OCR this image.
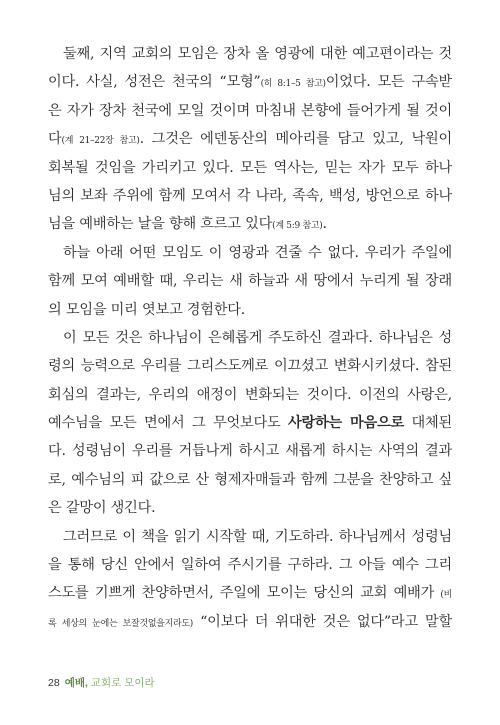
둘째, 지역 교회의 모임은 장차 올 영광에 대한 예고편이라는 것
이다. 사실, 성전은 천국의 “모형”(히 8:1–5 참고)이었다. 모든 구속받
은 자가 장차 천국에 모일 것이며 마침내 본향에 들어가게 될 것이
다(계 21–22장 참고). 그것은 에덴동산의 메아리를 담고 있고, 낙원이
회복될 것임을 가리키고 있다. 모든 역사는, 믿는 자가 모두 하나
님의 보좌 주위에 함께 모여서 각 나라, 족속, 백성, 방언으로 하나
님을 예배하는 날을 향해 흐르고 있다(계 5:9 참고).
하늘 아래 어떤 모임도 이 영광과 견줄 수 없다. 우리가 주일에
함께 모여 예배할 때, 우리는 새 하늘과 새 땅에서 누리게 될 장래
의 모임을 미리 엿보고 경험한다.
이 모든 것은 하나님이 은혜롭게 주도하신 결과다. 하나님은 성
령의 능력으로 우리를 그리스도께로 이끄셨고 변화시키셨다. 참된
회심의 결과는, 우리의 애정이 변화되는 것이다. 이전의 사랑은,
예수님을 모든 면에서 그 무엇보다도 사랑하는 마음으로 대체된
다. 성령님이 우리를 거듭나게 하시고 새롭게 하시는 사역의 결과
로, 예수님의 피 값으로 산 형제자매들과 함께 그분을 찬양하고 싶
은 갈망이 생긴다.
그러므로 이 책을 읽기 시작할 때, 기도하라. 하나님께서 성령님
을 통해 당신 안에서 일하여 주시기를 구하라. 그 아들 예수 그리
스도를 기쁘게 찬양하면서, 주일에 모이는 당신의 교회 예배가 (비
록 세상의 눈에는 보잘것없을지라도) “이보다 더 위대한 것은 없다”라고 말할
28 예배, 교회로 모이라
